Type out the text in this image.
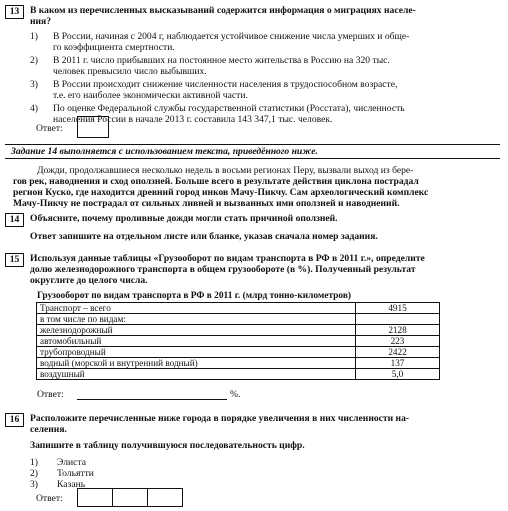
13	В каком из перечисленных высказываний содержится информация о миграциях населе-
ния?
1) В России, начиная с 2004 г, наблюдается устойчивое снижение числа умерших и обще-
го коэффициента смертности.
2) В 2011 г. число прибывших на постоянное место жительства в Россию на 320 тыс.
человек превысило число выбывших.
3) В России происходит снижение численности населения в трудоспособном возрасте,
т.е. его наиболее экономически активной части.
4) По оценке Федеральной службы государственной статистики (Росстата), численность
населения России в начале 2013 г. составила 143 347,1 тыс. человек.
Ответ:
Задание 14 выполняется с использованием текста, приведённого ниже.
Дожди, продолжавшиеся несколько недель в восьми регионах Перу, вызвали выход из бере-
гов рек, наводнения и сход оползней. Больше всего в результате действия циклона пострадал
регион Куско, где находится древний город инков Мачу-Пикчу. Сам археологический комплекс
Мачу-Пикчу не пострадал от сильных ливней и вызванных ими оползней и наводнений.
14	Объясните, почему проливные дожди могли стать причиной оползней.
Ответ запишите на отдельном листе или бланке, указав сначала номер задания.
15	Используя данные таблицы «Грузооборот по видам транспорта в РФ в 2011 г.», определите
долю железнодорожного транспорта в общем грузообороте (в %). Полученный результат
округлите до целого числа.
Грузооборот по видам транспорта в РФ в 2011 г. (млрд тонно-километров)
Транспорт – всего	4915
в том числе по видам:	
железнодорожный	2128
автомобильный	223
трубопроводный	2422
водный (морской и внутренний водный)	137
воздушный	5,0
Ответ:	%.
16	Расположите перечисленные ниже города в порядке увеличения в них численности на-
селения.
Запишите в таблицу получившуюся последовательность цифр.
1) Элиста
2) Тольятти
3) Казань
Ответ:
